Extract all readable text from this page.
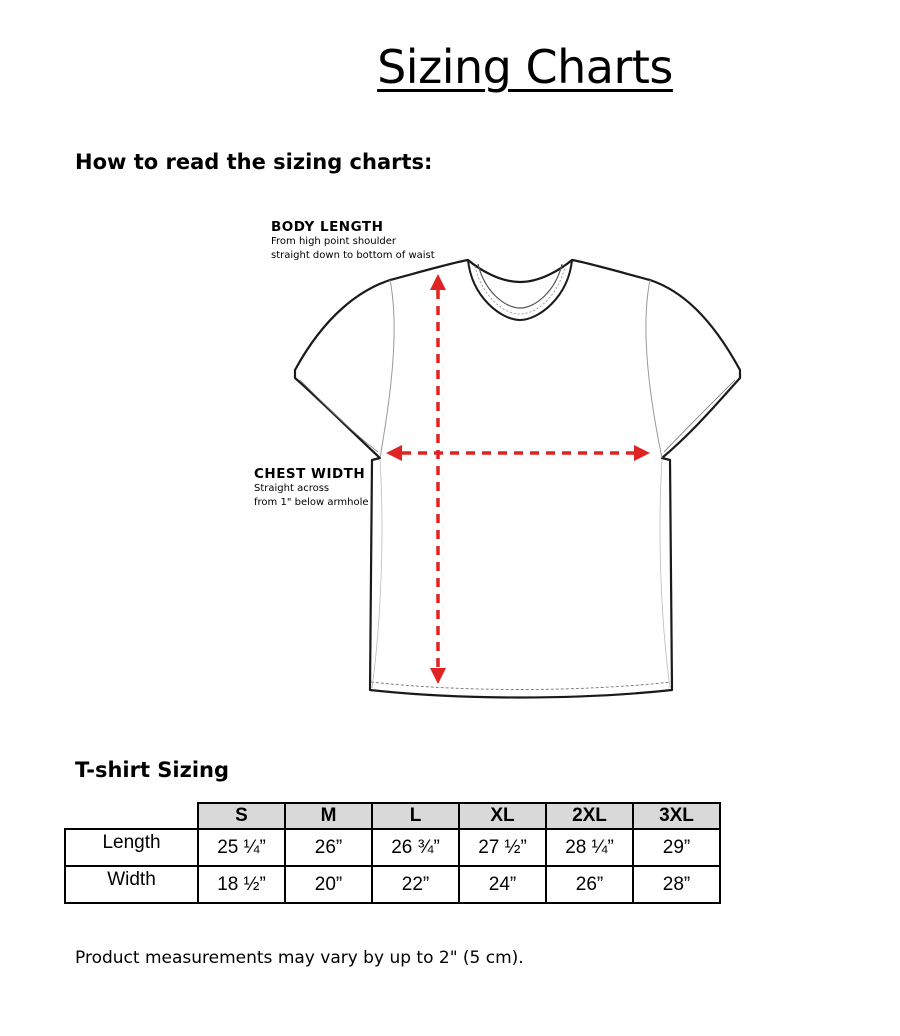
Sizing Charts
How to read the sizing charts:
BODY LENGTH
From high point shoulder
straight down to bottom of waist
CHEST WIDTH
Straight across
from 1" below armhole
T-shirt Sizing
	S	M	L	XL	2XL	3XL
Length	25 ¼”	26”	26 ¾”	27 ½”	28 ¼”	29”
Width	18 ½”	20”	22”	24”	26”	28”
Product measurements may vary by up to 2" (5 cm).
